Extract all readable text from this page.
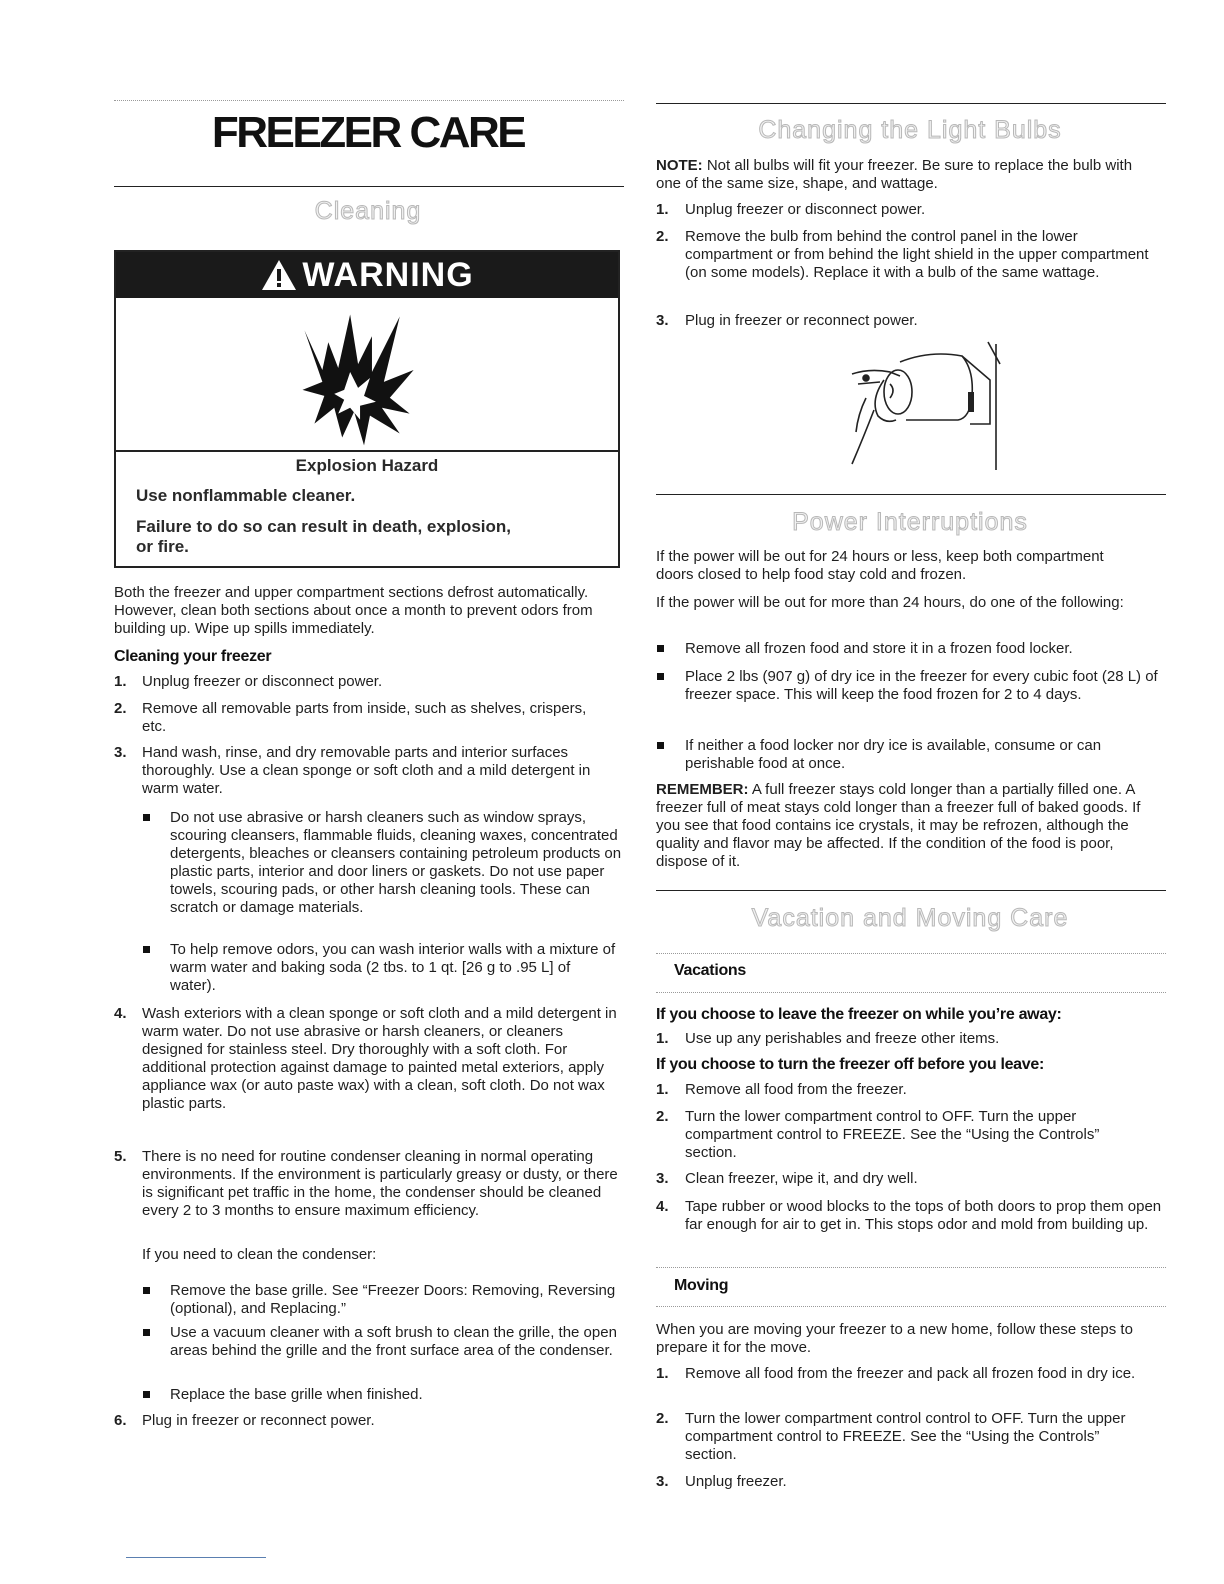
FREEZER CARE
Cleaning
WARNING
Explosion Hazard
Use nonflammable cleaner.
Failure to do so can result in death, explosion,
or fire.
Both the freezer and upper compartment sections defrost automatically. However, clean both sections about once a month to prevent odors from building up. Wipe up spills immediately.
Cleaning your freezer
1. Unplug freezer or disconnect power.
2. Remove all removable parts from inside, such as shelves, crispers, etc.
3. Hand wash, rinse, and dry removable parts and interior surfaces thoroughly. Use a clean sponge or soft cloth and a mild detergent in warm water.
Do not use abrasive or harsh cleaners such as window sprays, scouring cleansers, flammable fluids, cleaning waxes, concentrated detergents, bleaches or cleansers containing petroleum products on plastic parts, interior and door liners or gaskets. Do not use paper towels, scouring pads, or other harsh cleaning tools. These can scratch or damage materials.
To help remove odors, you can wash interior walls with a mixture of warm water and baking soda (2 tbs. to 1 qt. [26 g to .95 L] of water).
4. Wash exteriors with a clean sponge or soft cloth and a mild detergent in warm water. Do not use abrasive or harsh cleaners, or cleaners designed for stainless steel. Dry thoroughly with a soft cloth. For additional protection against damage to painted metal exteriors, apply appliance wax (or auto paste wax) with a clean, soft cloth. Do not wax plastic parts.
5. There is no need for routine condenser cleaning in normal operating environments. If the environment is particularly greasy or dusty, or there is significant pet traffic in the home, the condenser should be cleaned every 2 to 3 months to ensure maximum efficiency.
If you need to clean the condenser:
Remove the base grille. See “Freezer Doors: Removing, Reversing (optional), and Replacing.”
Use a vacuum cleaner with a soft brush to clean the grille, the open areas behind the grille and the front surface area of the condenser.
Replace the base grille when finished.
6. Plug in freezer or reconnect power.
Changing the Light Bulbs
NOTE: Not all bulbs will fit your freezer. Be sure to replace the bulb with one of the same size, shape, and wattage.
1. Unplug freezer or disconnect power.
2. Remove the bulb from behind the control panel in the lower compartment or from behind the light shield in the upper compartment (on some models). Replace it with a bulb of the same wattage.
3. Plug in freezer or reconnect power.
Power Interruptions
If the power will be out for 24 hours or less, keep both compartment doors closed to help food stay cold and frozen.
If the power will be out for more than 24 hours, do one of the following:
Remove all frozen food and store it in a frozen food locker.
Place 2 lbs (907 g) of dry ice in the freezer for every cubic foot (28 L) of freezer space. This will keep the food frozen for 2 to 4 days.
If neither a food locker nor dry ice is available, consume or can perishable food at once.
REMEMBER: A full freezer stays cold longer than a partially filled one. A freezer full of meat stays cold longer than a freezer full of baked goods. If you see that food contains ice crystals, it may be refrozen, although the quality and flavor may be affected. If the condition of the food is poor, dispose of it.
Vacation and Moving Care
Vacations
If you choose to leave the freezer on while you’re away:
1. Use up any perishables and freeze other items.
If you choose to turn the freezer off before you leave:
1. Remove all food from the freezer.
2. Turn the lower compartment control to OFF. Turn the upper compartment control to FREEZE. See the “Using the Controls” section.
3. Clean freezer, wipe it, and dry well.
4. Tape rubber or wood blocks to the tops of both doors to prop them open far enough for air to get in. This stops odor and mold from building up.
Moving
When you are moving your freezer to a new home, follow these steps to prepare it for the move.
1. Remove all food from the freezer and pack all frozen food in dry ice.
2. Turn the lower compartment control control to OFF. Turn the upper compartment control to FREEZE. See the “Using the Controls” section.
3. Unplug freezer.
